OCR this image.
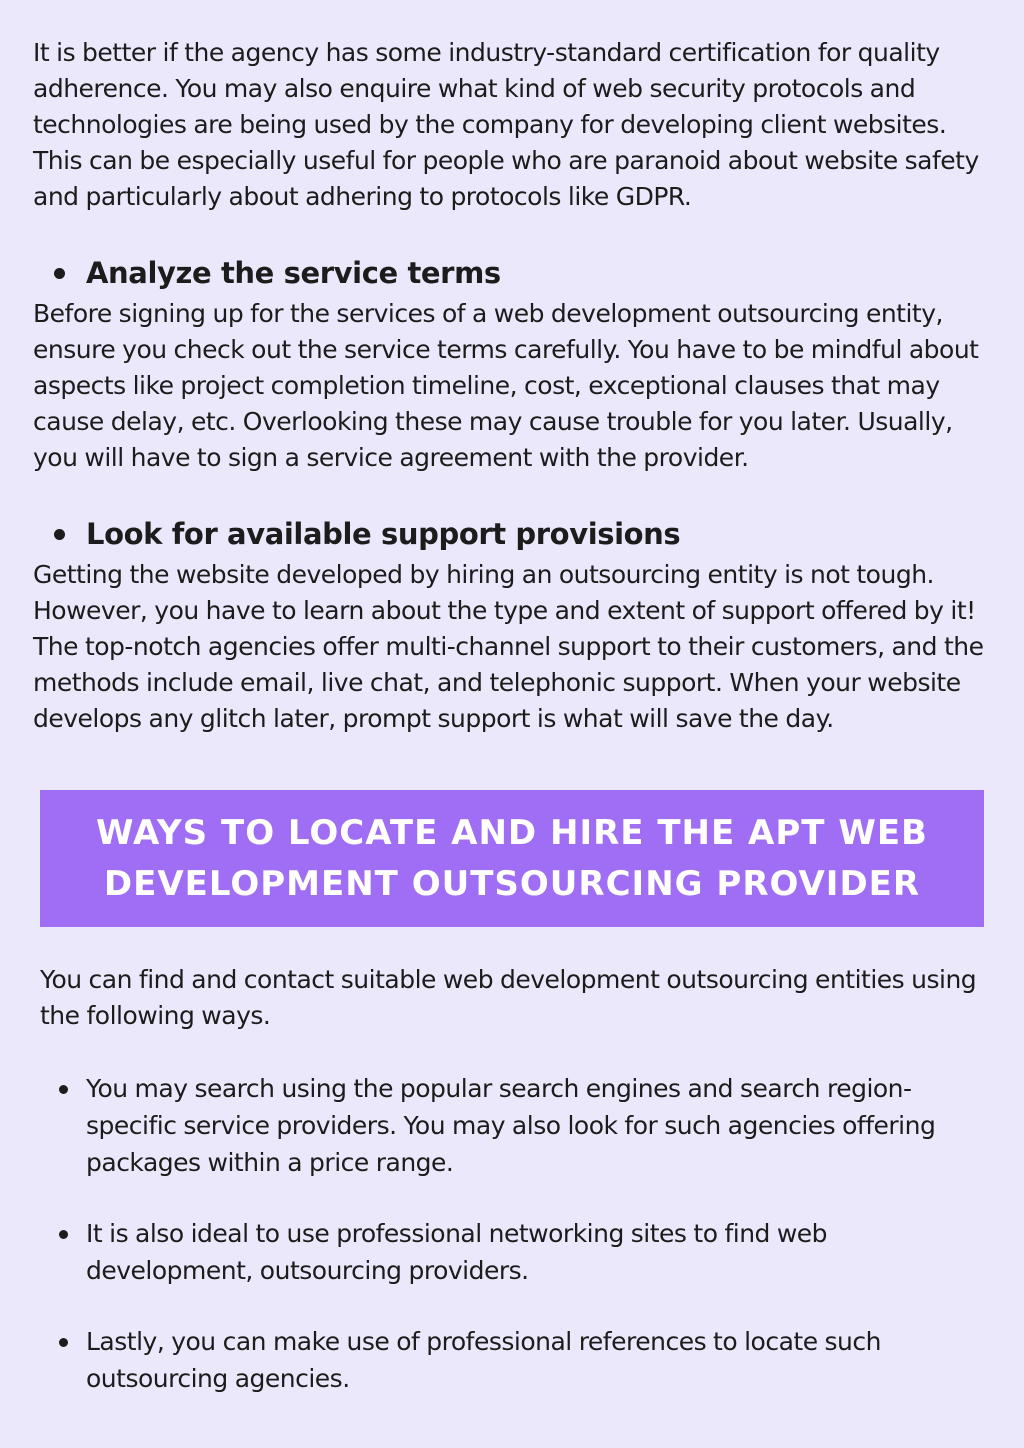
It is better if the agency has some industry-standard certification for quality adherence. You may also enquire what kind of web security protocols and technologies are being used by the company for developing client websites. This can be especially useful for people who are paranoid about website safety and particularly about adhering to protocols like GDPR.

Analyze the service terms

Before signing up for the services of a web development outsourcing entity, ensure you check out the service terms carefully. You have to be mindful about aspects like project completion timeline, cost, exceptional clauses that may cause delay, etc. Overlooking these may cause trouble for you later. Usually, you will have to sign a service agreement with the provider.

Look for available support provisions

Getting the website developed by hiring an outsourcing entity is not tough. However, you have to learn about the type and extent of support offered by it! The top-notch agencies offer multi-channel support to their customers, and the methods include email, live chat, and telephonic support. When your website develops any glitch later, prompt support is what will save the day.

WAYS TO LOCATE AND HIRE THE APT WEB DEVELOPMENT OUTSOURCING PROVIDER

You can find and contact suitable web development outsourcing entities using the following ways.

You may search using the popular search engines and search region-specific service providers. You may also look for such agencies offering packages within a price range.
It is also ideal to use professional networking sites to find web development, outsourcing providers.
Lastly, you can make use of professional references to locate such outsourcing agencies.
